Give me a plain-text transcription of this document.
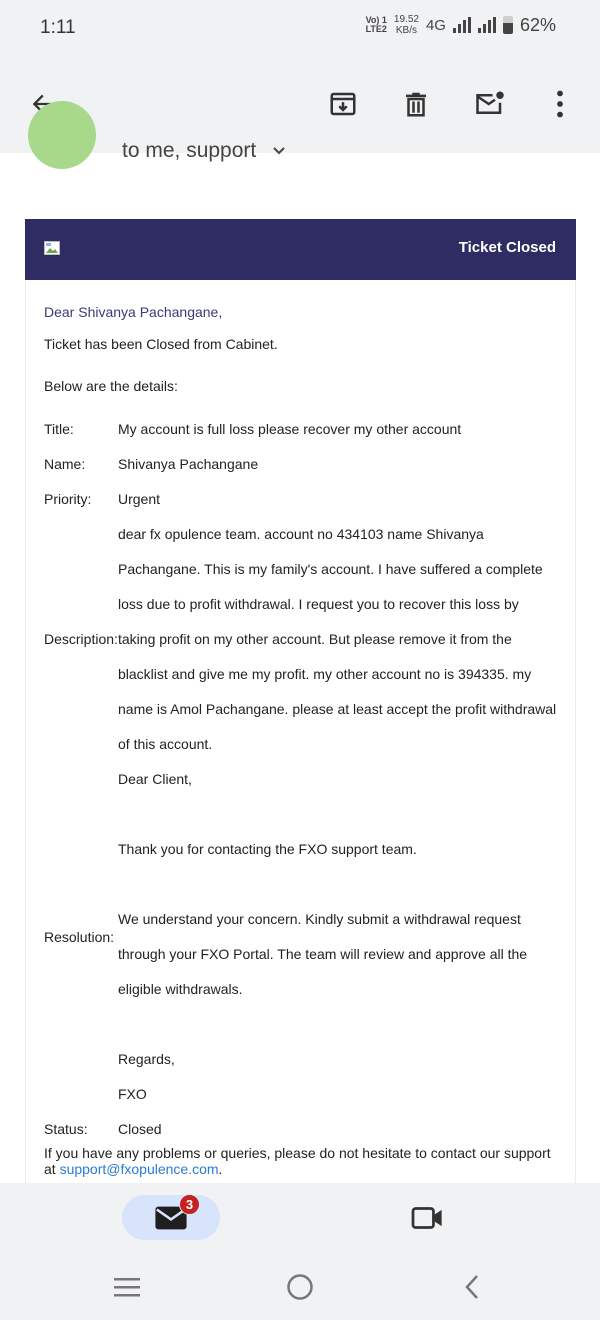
1:11	Vo) 1
LTE2
19.52
KB/s 4G	62%
to me, support
Ticket Closed
Dear Shivanya Pachangane,
Ticket has been Closed from Cabinet.
Below are the details:
Title:	My account is full loss please recover my other account
Name: Shivanya Pachangane
Priority: Urgent
dear fx opulence team. account no 434103 name Shivanya
Pachangane. This is my family's account. I have suffered a complete
loss due to profit withdrawal. I request you to recover this loss by
Description: taking profit on my other account. But please remove it from the
blacklist and give me my profit. my other account no is 394335. my
name is Amol Pachangane. please at least accept the profit withdrawal
of this account.
Dear Client,
Thank you for contacting the FXO support team.
We understand your concern. Kindly submit a withdrawal request
Resolution:
through your FXO Portal. The team will review and approve all the
eligible withdrawals.
Regards,
FXO
Status: Closed
If you have any problems or queries, please do not hesitate to contact our support at support@fxopulence.com.
3
